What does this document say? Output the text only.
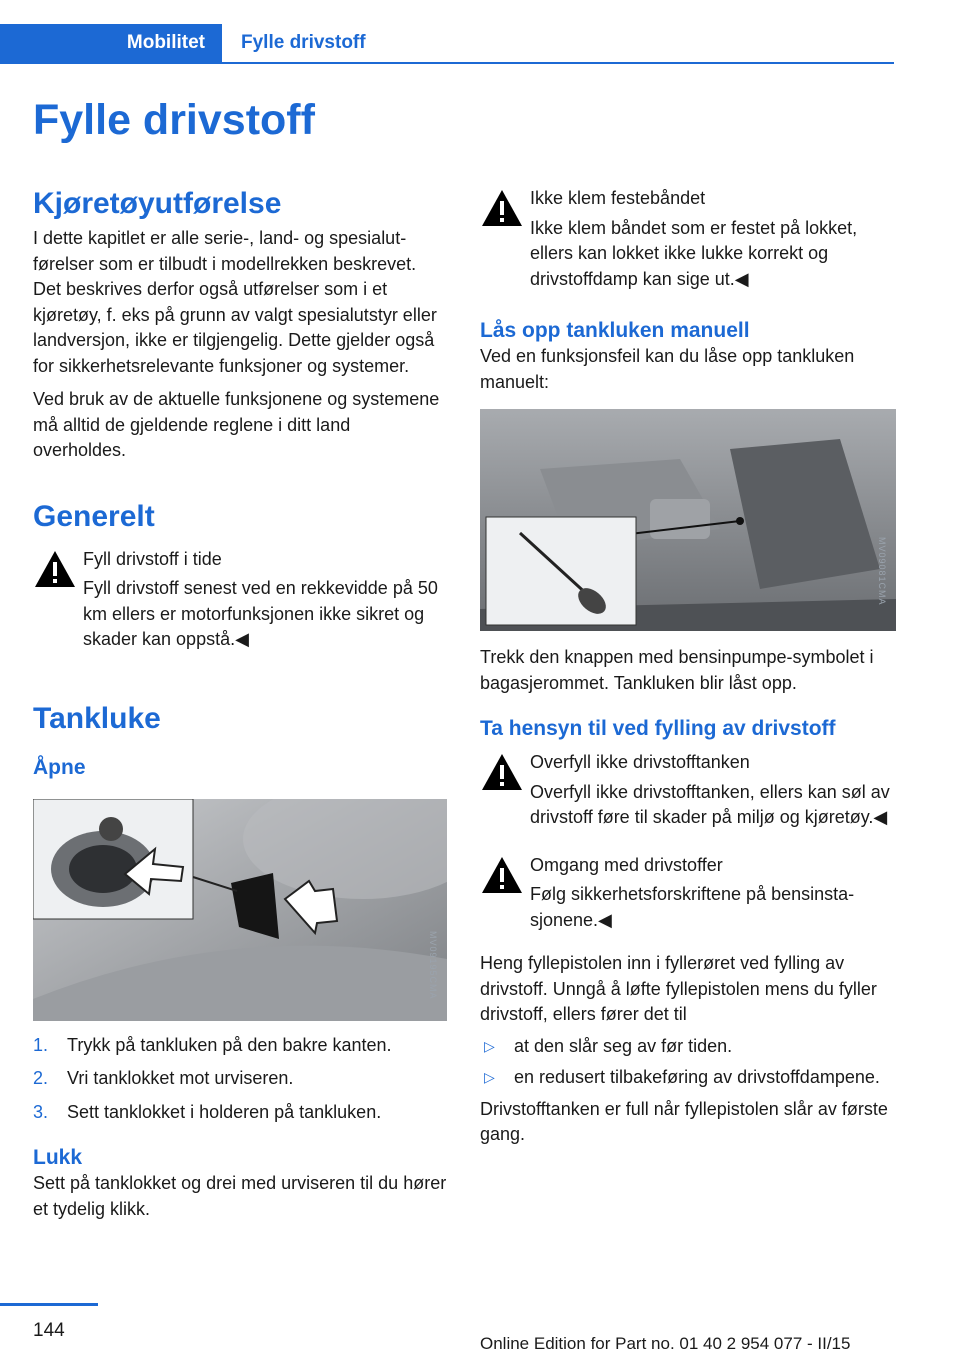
Mobilitet Fylle drivstoff
Fylle drivstoff
Kjøretøyutførelse

I dette kapitlet er alle serie-, land- og spesialutførelser som er tilbudt i modellrekken beskrevet. Det beskrives derfor også utførelser som i et kjøretøy, f. eks på grunn av valgt spesialutstyr eller landversjon, ikke er tilgjengelig. Dette gjelder også for sikkerhetsrelevante funksjoner og systemer.

Ved bruk av de aktuelle funksjonene og systemene må alltid de gjeldende reglene i ditt land overholdes.

Generelt
Fyll drivstoff i tide
Fyll drivstoff senest ved en rekkevidde på 50 km ellers er motorfunksjonen ikke sikret og skader kan oppstå.◀
Tankluke
Åpne
MV09195CMA
1. Trykk på tankluken på den bakre kanten.
2. Vri tanklokket mot urviseren.
3. Sett tanklokket i holderen på tankluken.
Lukk

Sett på tanklokket og drei med urviseren til du hører et tydelig klikk.

Ikke klem festebåndet
Ikke klem båndet som er festet på lokket, ellers kan lokket ikke lukke korrekt og drivstoffdamp kan sige ut.◀
Lås opp tankluken manuell

Ved en funksjonsfeil kan du låse opp tankluken manuelt:

MV09081CMA

Trekk den knappen med bensinpumpe-symbolet i bagasjerommet. Tankluken blir låst opp.

Ta hensyn til ved fylling av drivstoff
Overfyll ikke drivstofftanken
Overfyll ikke drivstofftanken, ellers kan søl av drivstoff føre til skader på miljø og kjøretøy.◀
Omgang med drivstoffer
Følg sikkerhetsforskriftene på bensinstasjonene.◀

Heng fyllepistolen inn i fyllerøret ved fylling av drivstoff. Unngå å løfte fyllepistolen mens du fyller drivstoff, ellers fører det til

▷ at den slår seg av før tiden.
▷ en redusert tilbakeføring av drivstoffdampene.

Drivstofftanken er full når fyllepistolen slår av første gang.

144
Online Edition for Part no. 01 40 2 954 077 - II/15
